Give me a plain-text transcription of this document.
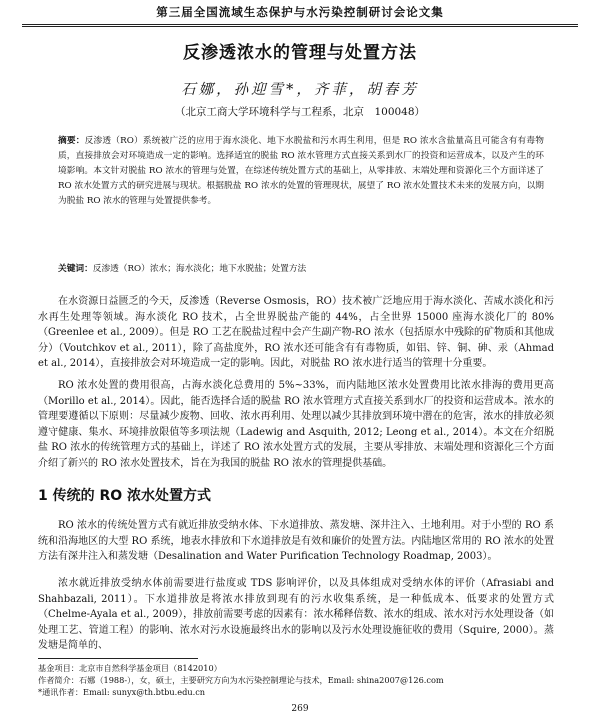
第三届全国流域生态保护与水污染控制研讨会论文集
反渗透浓水的管理与处置方法
石娜，孙迎雪*，齐菲，胡春芳
（北京工商大学环境科学与工程系，北京　100048）
摘要：反渗透（RO）系统被广泛的应用于海水淡化、地下水脱盐和污水再生利用，但是 RO 浓水含盐量高且可能含有有毒物质，直接排放会对环境造成一定的影响。选择适宜的脱盐 RO 浓水管理方式直接关系到水厂的投资和运营成本，以及产生的环境影响。本文针对脱盐 RO 浓水的管理与处置，在综述传统处置方式的基础上，从零排放、末端处理和资源化三个方面详述了 RO 浓水处置方式的研究进展与现状。根据脱盐 RO 浓水的处置的管理现状，展望了 RO 浓水处置技术未来的发展方向，以期为脱盐 RO 浓水的管理与处置提供参考。
关键词：反渗透（RO）浓水；海水淡化；地下水脱盐；处置方法

在水资源日益匮乏的今天，反渗透（Reverse Osmosis，RO）技术被广泛地应用于海水淡化、苦咸水淡化和污水再生处理等领域。海水淡化 RO 技术，占全世界脱盐产能的 44%，占全世界 15000 座海水淡化厂的 80%（Greenlee et al., 2009）。但是 RO 工艺在脱盐过程中会产生副产物-RO 浓水（包括原水中残除的矿物质和其他成分）（Voutchkov et al., 2011），除了高盐度外，RO 浓水还可能含有有毒物质，如铝、锌、铜、砷、汞（Ahmad et al., 2014），直接排放会对环境造成一定的影响。因此，对脱盐 RO 浓水进行适当的管理十分重要。

RO 浓水处置的费用很高，占海水淡化总费用的 5%~33%，而内陆地区浓水处置费用比浓水排海的费用更高（Morillo et al., 2014）。因此，能否选择合适的脱盐 RO 浓水管理方式直接关系到水厂的投资和运营成本。浓水的管理要遵循以下原则：尽量减少废物、回收、浓水再利用、处理以减少其排放到环境中潜在的危害，浓水的排放必须遵守健康、集水、环境排放限值等多项法规（Ladewig and Asquith, 2012; Leong et al., 2014）。本文在介绍脱盐 RO 浓水的传统管理方式的基础上，详述了 RO 浓水处置方式的发展，主要从零排放、末端处理和资源化三个方面介绍了新兴的 RO 浓水处置技术，旨在为我国的脱盐 RO 浓水的管理提供基础。

1 传统的 RO 浓水处置方式

RO 浓水的传统处置方式有就近排放受纳水体、下水道排放、蒸发塘、深井注入、土地利用。对于小型的 RO 系统和沿海地区的大型 RO 系统，地表水排放和下水道排放是有效和廉价的处置方法。内陆地区常用的 RO 浓水的处置方法有深井注入和蒸发塘（Desalination and Water Purification Technology Roadmap, 2003）。

浓水就近排放受纳水体前需要进行盐度或 TDS 影响评价，以及具体组成对受纳水体的评价（Afrasiabi and Shahbazali, 2011）。下水道排放是将浓水排放到现有的污水收集系统，是一种低成本、低要求的处置方式（Chelme-Ayala et al., 2009），排放前需要考虑的因素有：浓水稀释倍数、浓水的组成、浓水对污水处理设备（如处理工艺、管道工程）的影响、浓水对污水设施最终出水的影响以及污水处理设施征收的费用（Squire, 2000）。蒸发塘是简单的、

基金项目：北京市自然科学基金项目（8142010）
作者简介：石娜（1988-），女，硕士，主要研究方向为水污染控制理论与技术，Email: shina2007@126.com
*通讯作者：Email: sunyx@th.btbu.edu.cn
269
